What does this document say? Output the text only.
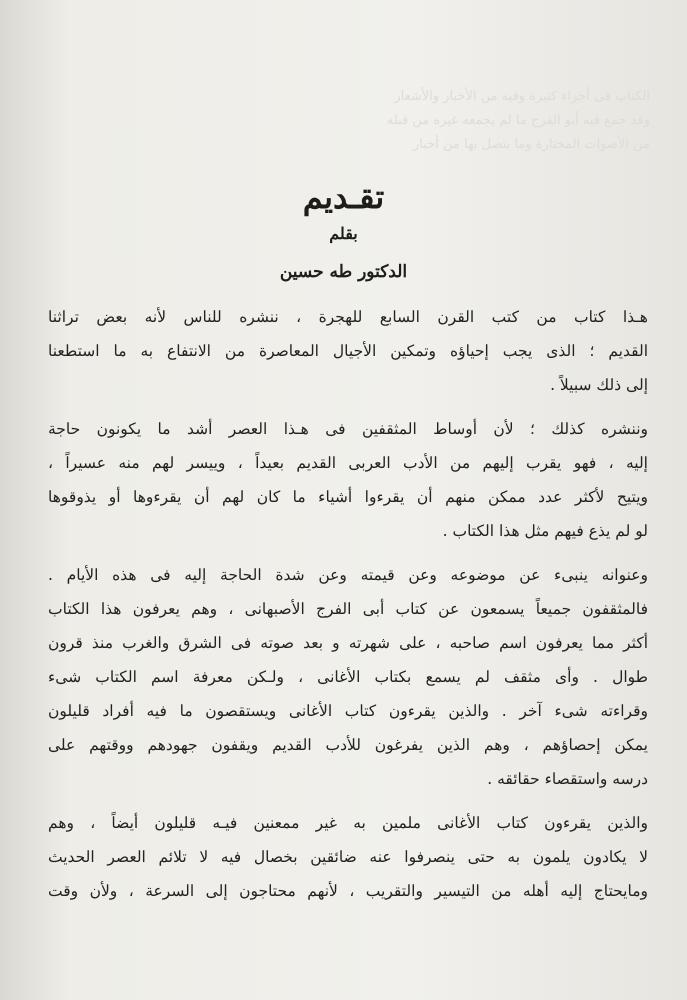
الكتاب فى أجزاء كثيرة وفيه من الأخبار والأشعار
وقد جمع فيه أبو الفرج ما لم يجمعه غيره من قبله
من الأصوات المختارة وما يتصل بها من أخبار
تقـديم
بقلم
الدكتور طه حسين
هـذا كتاب من كتب القرن السابع للهجرة ، ننشره للناس لأنه بعض تراثنا
القديم ؛ الذى يجب إحياؤه وتمكين الأجيال المعاصرة من الانتفاع به ما استطعنا
إلى ذلك سبيلاً .
وننشره كذلك ؛ لأن أوساط المثقفين فى هـذا العصر أشد ما يكونون حاجة
إليه ، فهو يقرب إليهم من الأدب العربى القديم بعيداً ، وييسر لهم منه عسيراً ،
ويتيح لأكثر عدد ممكن منهم أن يقرءوا أشياء ما كان لهم أن يقرءوها أو يذوقوها
لو لم يذع فيهم مثل هذا الكتاب .
وعنوانه ينبىء عن موضوعه وعن قيمته وعن شدة الحاجة إليه فى هذه الأيام .
فالمثقفون جميعاً يسمعون عن كتاب أبى الفرج الأصبهانى ، وهم يعرفون هذا الكتاب
أكثر مما يعرفون اسم صاحبه ، على شهرته و بعد صوته فى الشرق والغرب منذ قرون
طوال . وأى مثقف لم يسمع بكتاب الأغانى ، ولـكن معرفة اسم الكتاب شىء
وقراءته شىء آخر . والذين يقرءون كتاب الأغانى ويستقصون ما فيه أفراد قليلون
يمكن إحصاؤهم ، وهم الذين يفرغون للأدب القديم ويقفون جهودهم ووقتهم على
درسه واستقصاء حقائقه .
والذين يقرءون كتاب الأغانى ملمين به غير ممعنين فيـه قليلون أيضاً ، وهم
لا يكادون يلمون به حتى ينصرفوا عنه ضائقين بخصال فيه لا تلائم العصر الحديث
ومايحتاج إليه أهله من التيسير والتقريب ، لأنهم محتاجون إلى السرعة ، ولأن وقت
